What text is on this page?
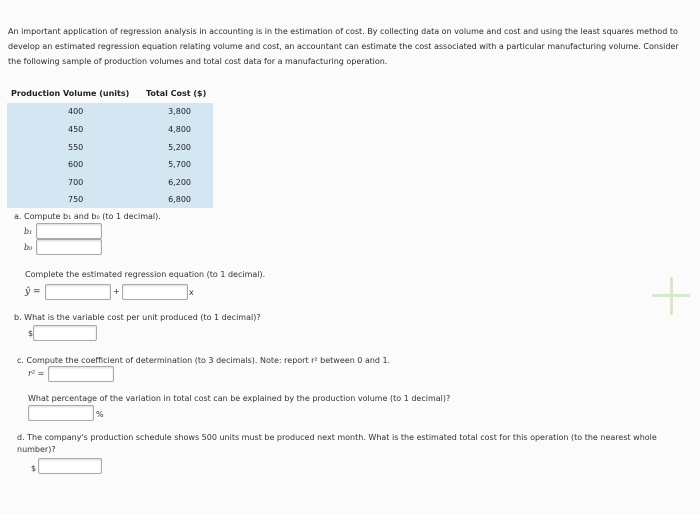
An important application of regression analysis in accounting is in the estimation of cost. By collecting data on volume and cost and using the least squares method to develop an estimated regression equation relating volume and cost, an accountant can estimate the cost associated with a particular manufacturing volume. Consider the following sample of production volumes and total cost data for a manufacturing operation.
Production Volume (units) Total Cost ($)
400	3,800
450	4,800
550	5,200
600	5,700
700	6,200
750	6,800
a. Compute b₁ and b₀ (to 1 decimal).
b₁
b₀
Complete the estimated regression equation (to 1 decimal).
ŷ =	+	x
b. What is the variable cost per unit produced (to 1 decimal)?
$
c. Compute the coefficient of determination (to 3 decimals). Note: report r² between 0 and 1.
r² =
What percentage of the variation in total cost can be explained by the production volume (to 1 decimal)?
%
d. The company's production schedule shows 500 units must be produced next month. What is the estimated total cost for this operation (to the nearest whole number)?
$
